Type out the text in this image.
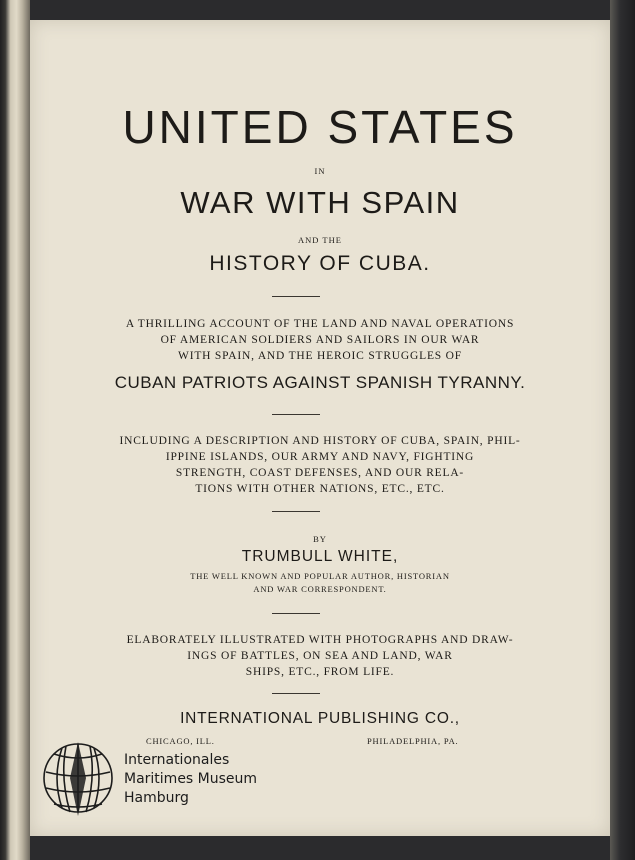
UNITED STATES
IN
WAR WITH SPAIN
AND THE
HISTORY OF CUBA.
A THRILLING ACCOUNT OF THE LAND AND NAVAL OPERATIONS
OF AMERICAN SOLDIERS AND SAILORS IN OUR WAR
WITH SPAIN, AND THE HEROIC STRUGGLES OF
CUBAN PATRIOTS AGAINST SPANISH TYRANNY.
INCLUDING A DESCRIPTION AND HISTORY OF CUBA, SPAIN, PHIL-
IPPINE ISLANDS, OUR ARMY AND NAVY, FIGHTING
STRENGTH, COAST DEFENSES, AND OUR RELA-
TIONS WITH OTHER NATIONS, ETC., ETC.
BY
TRUMBULL WHITE,
THE WELL KNOWN AND POPULAR AUTHOR, HISTORIAN
AND WAR CORRESPONDENT.
ELABORATELY ILLUSTRATED WITH PHOTOGRAPHS AND DRAW-
INGS OF BATTLES, ON SEA AND LAND, WAR
SHIPS, ETC., FROM LIFE.
INTERNATIONAL PUBLISHING CO.,
CHICAGO, ILL.	PHILADELPHIA, PA.
Internationales
Maritimes Museum
Hamburg
